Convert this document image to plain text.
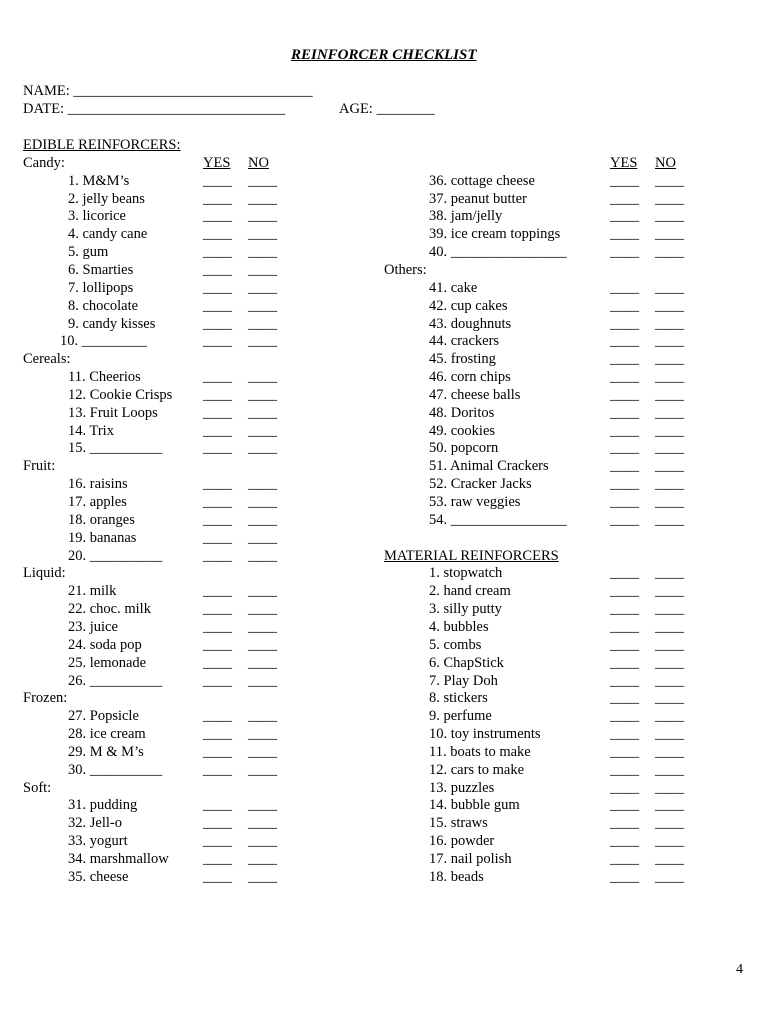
REINFORCER CHECKLIST
NAME: _________________________________
DATE: ______________________________	AGE: ________
EDIBLE REINFORCERS:
Candy:	YES NO
1. M&M’s	____ ____
2. jelly beans	____ ____
3. licorice	____ ____
4. candy cane	____ ____
5. gum	____ ____
6. Smarties	____ ____
7. lollipops	____ ____
8. chocolate	____ ____
9. candy kisses	____ ____
10. _________	____ ____
Cereals:
11. Cheerios	____ ____
12. Cookie Crisps ____ ____
13. Fruit Loops	____ ____
14. Trix	____ ____
15. __________	____ ____
Fruit:
16. raisins	____ ____
17. apples	____ ____
18. oranges	____ ____
19. bananas	____ ____
20. __________	____ ____
Liquid:
21. milk	____ ____
22. choc. milk	____ ____
23. juice	____ ____
24. soda pop	____ ____
25. lemonade	____ ____
26. __________	____ ____
Frozen:
27. Popsicle	____ ____
28. ice cream	____ ____
29. M & M’s	____ ____
30. __________	____ ____
Soft:
31. pudding	____ ____
32. Jell-o	____ ____
33. yogurt	____ ____
34. marshmallow ____ ____
35. cheese	____ ____
YES NO
36. cottage cheese	____ ____
37. peanut butter	____ ____
38. jam/jelly	____ ____
39. ice cream toppings	____ ____
40. ________________	____ ____
Others:
41. cake	____ ____
42. cup cakes	____ ____
43. doughnuts	____ ____
44. crackers	____ ____
45. frosting	____ ____
46. corn chips	____ ____
47. cheese balls	____ ____
48. Doritos	____ ____
49. cookies	____ ____
50. popcorn	____ ____
51. Animal Crackers	____ ____
52. Cracker Jacks	____ ____
53. raw veggies	____ ____
54. ________________	____ ____
MATERIAL REINFORCERS
1. stopwatch	____ ____
2. hand cream	____ ____
3. silly putty	____ ____
4. bubbles	____ ____
5. combs	____ ____
6. ChapStick	____ ____
7. Play Doh	____ ____
8. stickers	____ ____
9. perfume	____ ____
10. toy instruments	____ ____
11. boats to make	____ ____
12. cars to make	____ ____
13. puzzles	____ ____
14. bubble gum	____ ____
15. straws	____ ____
16. powder	____ ____
17. nail polish	____ ____
18. beads	____ ____
4
